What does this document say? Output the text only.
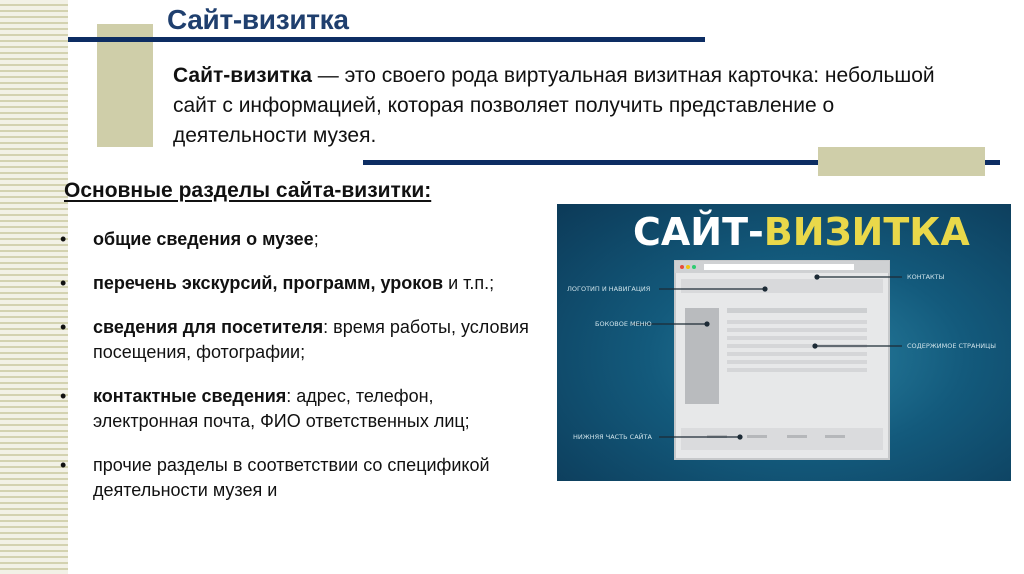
Сайт-визитка
Сайт-визитка — это своего рода виртуальная визитная карточка: небольшой сайт с информацией, которая позволяет получить представление о деятельности музея.
Основные разделы сайта-визитки:
• общие сведения о музее;
• перечень экскурсий, программ, уроков и т.п.;
• сведения для посетителя: время работы, условия посещения, фотографии;
• контактные сведения: адрес, телефон, электронная почта, ФИО ответственных лиц;
• прочие разделы в соответствии со спецификой деятельности музея и
САЙТ-ВИЗИТКА
ЛОГОТИП И НАВИГАЦИЯ
КОНТАКТЫ
БОКОВОЕ МЕНЮ
СОДЕРЖИМОЕ СТРАНИЦЫ
НИЖНЯЯ ЧАСТЬ САЙТА
